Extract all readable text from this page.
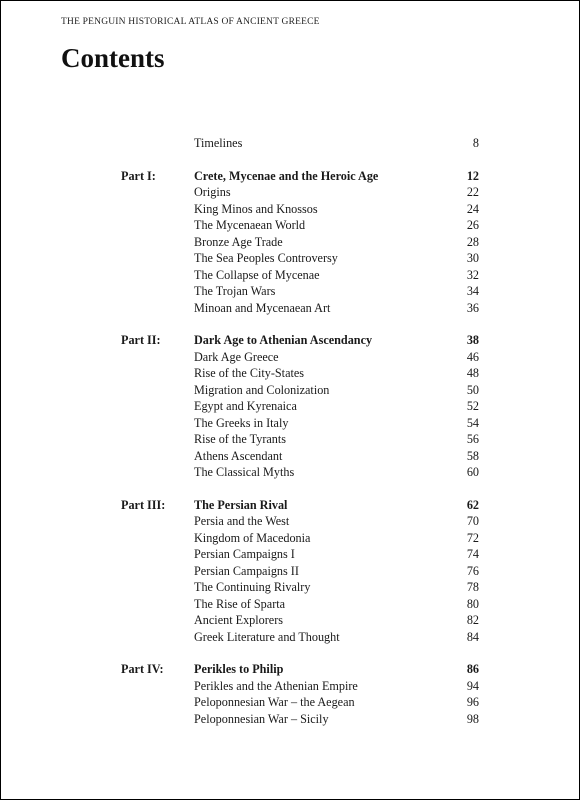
THE PENGUIN HISTORICAL ATLAS OF ANCIENT GREECE
Contents
Timelines	8
Part I:	Crete, Mycenae and the Heroic Age	12
Origins	22
King Minos and Knossos	24
The Mycenaean World	26
Bronze Age Trade	28
The Sea Peoples Controversy	30
The Collapse of Mycenae	32
The Trojan Wars	34
Minoan and Mycenaean Art	36
Part II:	Dark Age to Athenian Ascendancy	38
Dark Age Greece	46
Rise of the City-States	48
Migration and Colonization	50
Egypt and Kyrenaica	52
The Greeks in Italy	54
Rise of the Tyrants	56
Athens Ascendant	58
The Classical Myths	60
Part III:	The Persian Rival	62
Persia and the West	70
Kingdom of Macedonia	72
Persian Campaigns I	74
Persian Campaigns II	76
The Continuing Rivalry	78
The Rise of Sparta	80
Ancient Explorers	82
Greek Literature and Thought	84
Part IV:	Perikles to Philip	86
Perikles and the Athenian Empire	94
Peloponnesian War – the Aegean	96
Peloponnesian War – Sicily	98
